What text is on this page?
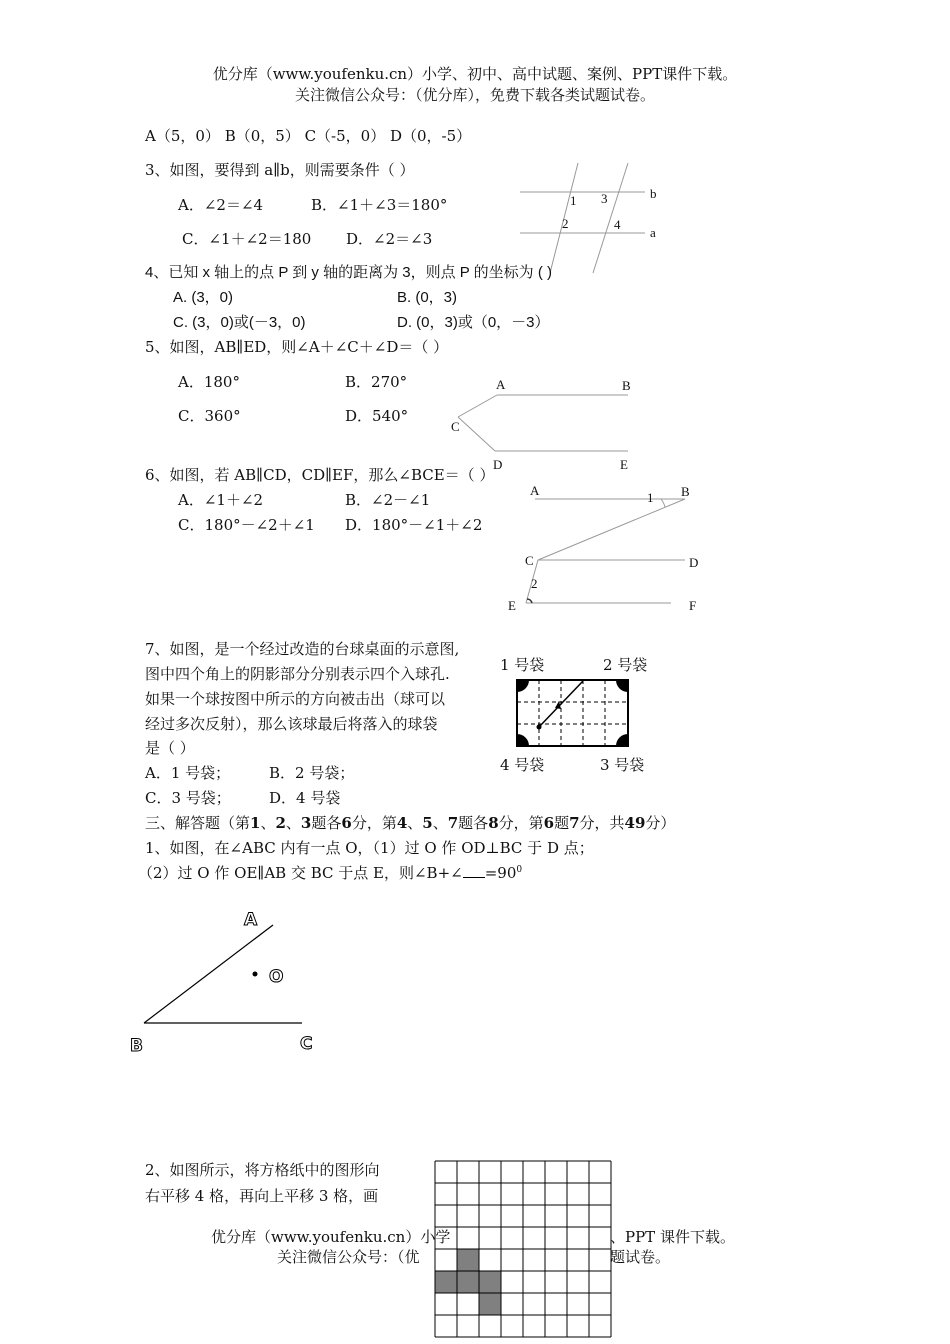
优分库（www.youfenku.cn）小学、初中、高中试题、案例、PPT课件下载。
关注微信公众号：（优分库），免费下载各类试题试卷。
A（5，0） B（0，5） C（-5，0） D（0，-5）
3、如图，要得到 a∥b，则需要条件（ ）
A．∠2＝∠4	B．∠1＋∠3＝180°
C．∠1＋∠2＝180 D．∠2＝∠3
b
a
1 3
2	4
4、已知 x 轴上的点 P 到 y 轴的距离为 3，则点 P 的坐标为 ( )
A. (3，0)	B. (0，3)
C. (3，0)或(－3，0)	D. (0，3)或（0，－3）
5、如图，AB∥ED，则∠A＋∠C＋∠D＝（ ）
A．180°	B．270°
C．360°	D．540°
A	B
C
D	E
6、如图，若 AB∥CD，CD∥EF，那么∠BCE＝（ ）
A．∠1＋∠2	B．∠2－∠1
C．180°－∠2＋∠1 D．180°－∠1＋∠2
A	B
1
C	D
2
E	F
7、如图，是一个经过改造的台球桌面的示意图,
图中四个角上的阴影部分分别表示四个入球孔.
如果一个球按图中所示的方向被击出（球可以
经过多次反射），那么该球最后将落入的球袋
是（ ）
A．1 号袋；	B．2 号袋；
C．3 号袋；	D．4 号袋
1 号袋	2 号袋
4 号袋	3 号袋
三、解答题（第1、2、3题各6分，第4、5、7题各8分，第6题7分，共49分）
1、如图，在∠ABC 内有一点 O，（1）过 O 作 OD⊥BC 于 D 点；
（2）过 O 作 OE∥AB 交 BC 于点 E，则∠B+∠ $=90^0$
A
O
B	C
2、如图所示，将方格纸中的图形向
右平移 4 格，再向上平移 3 格，画
优分库（www.youfenku.cn）小学	、PPT 课件下载。
关注微信公众号：（优	题试卷。
